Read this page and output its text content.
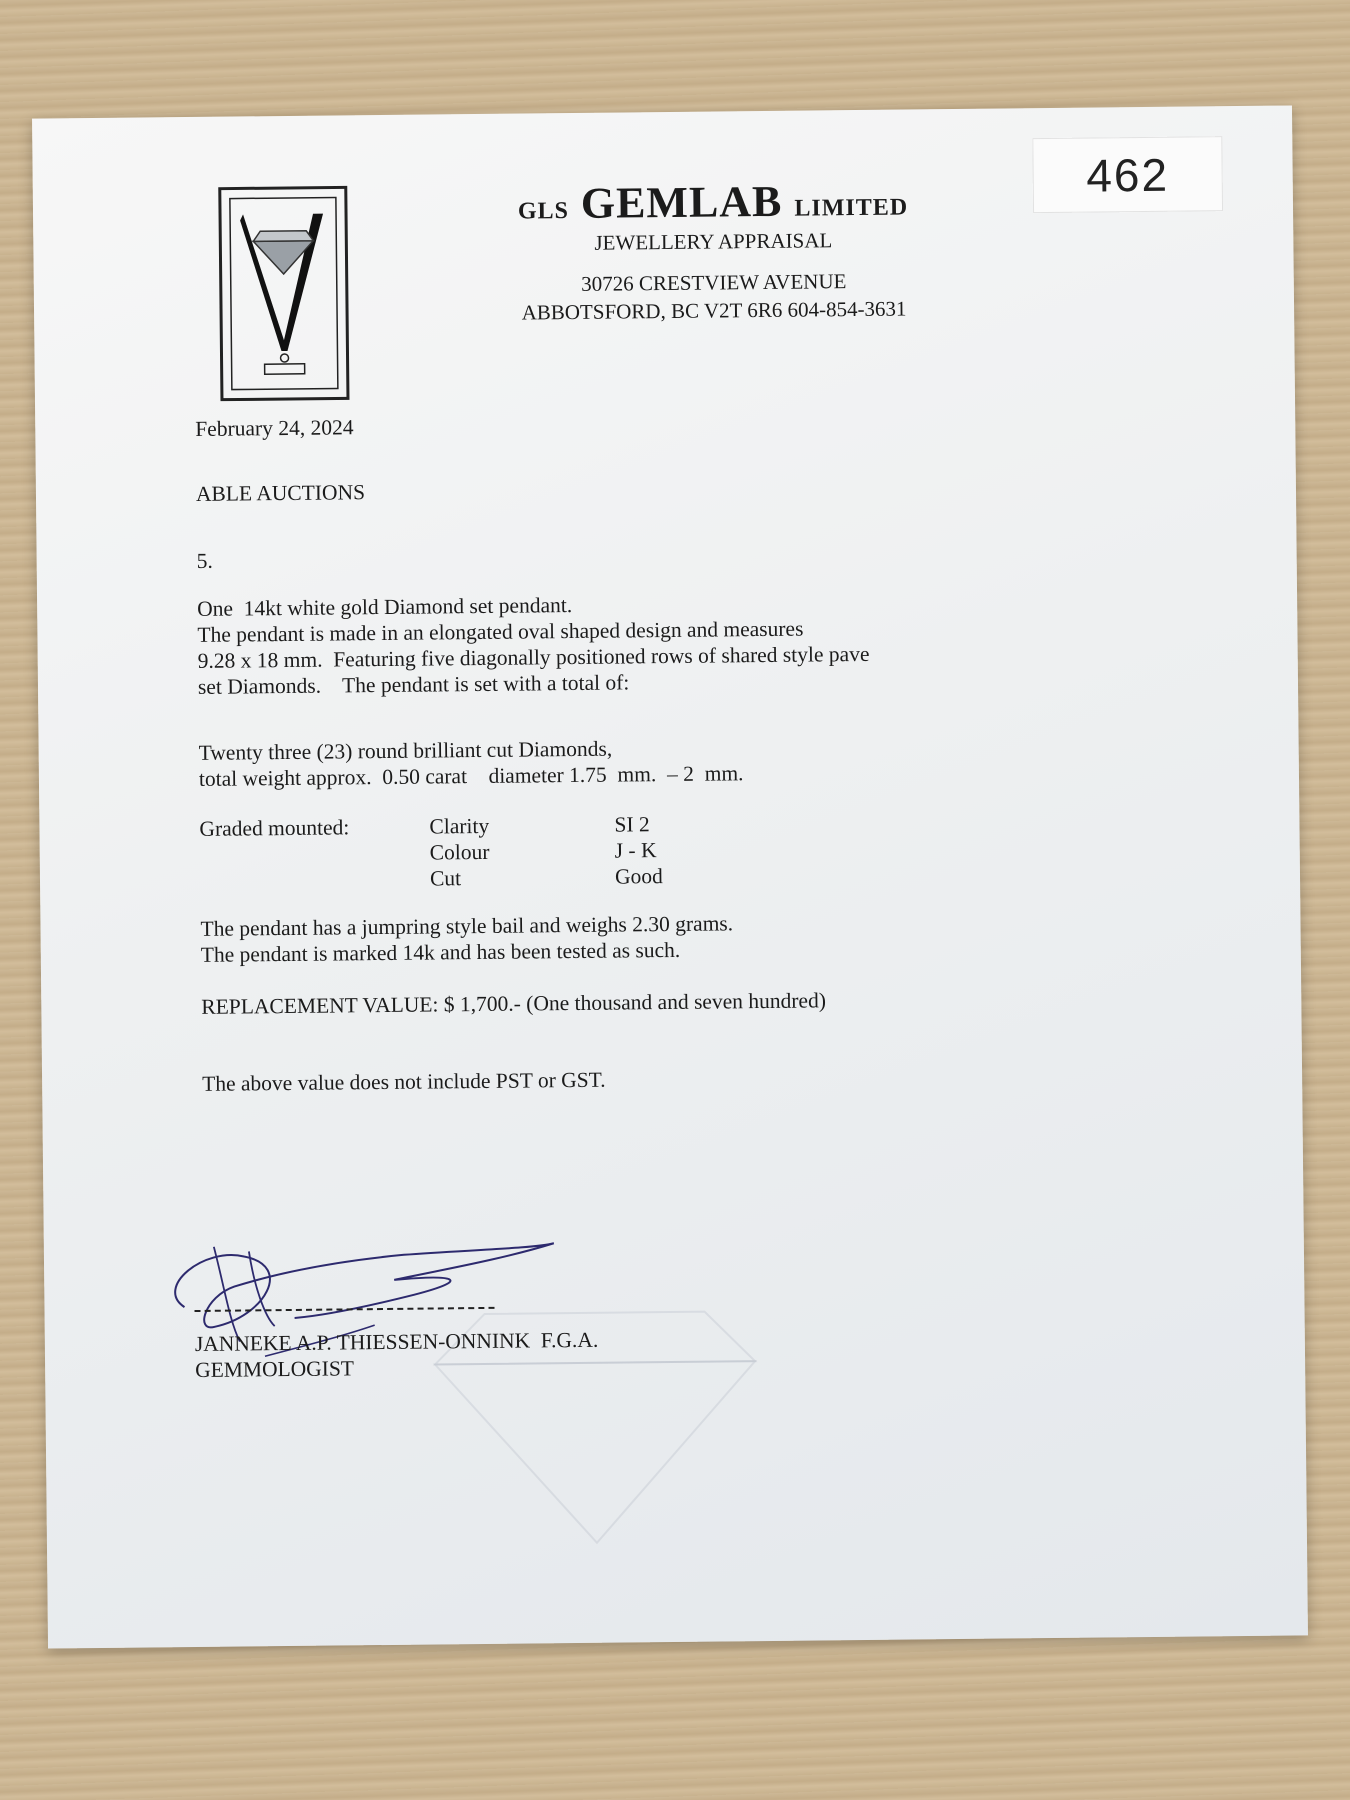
462
GLS GEMLAB LIMITED
JEWELLERY APPRAISAL
30726 CRESTVIEW AVENUE
ABBOTSFORD, BC V2T 6R6 604-854-3631
February 24, 2024
ABLE AUCTIONS
5.
One  14kt white gold Diamond set pendant.
The pendant is made in an elongated oval shaped design and measures
9.28 x 18 mm.  Featuring five diagonally positioned rows of shared style pave
set Diamonds.    The pendant is set with a total of:
Twenty three (23) round brilliant cut Diamonds,
total weight approx.  0.50 carat    diameter 1.75  mm.  – 2  mm.
Graded mounted:	Clarity	SI 2
Colour	J - K
Cut	Good
The pendant has a jumpring style bail and weighs 2.30 grams.
The pendant is marked 14k and has been tested as such.
REPLACEMENT VALUE: $ 1,700.- (One thousand and seven hundred)
The above value does not include PST or GST.
JANNEKE A.P. THIESSEN-ONNINK  F.G.A.
GEMMOLOGIST
